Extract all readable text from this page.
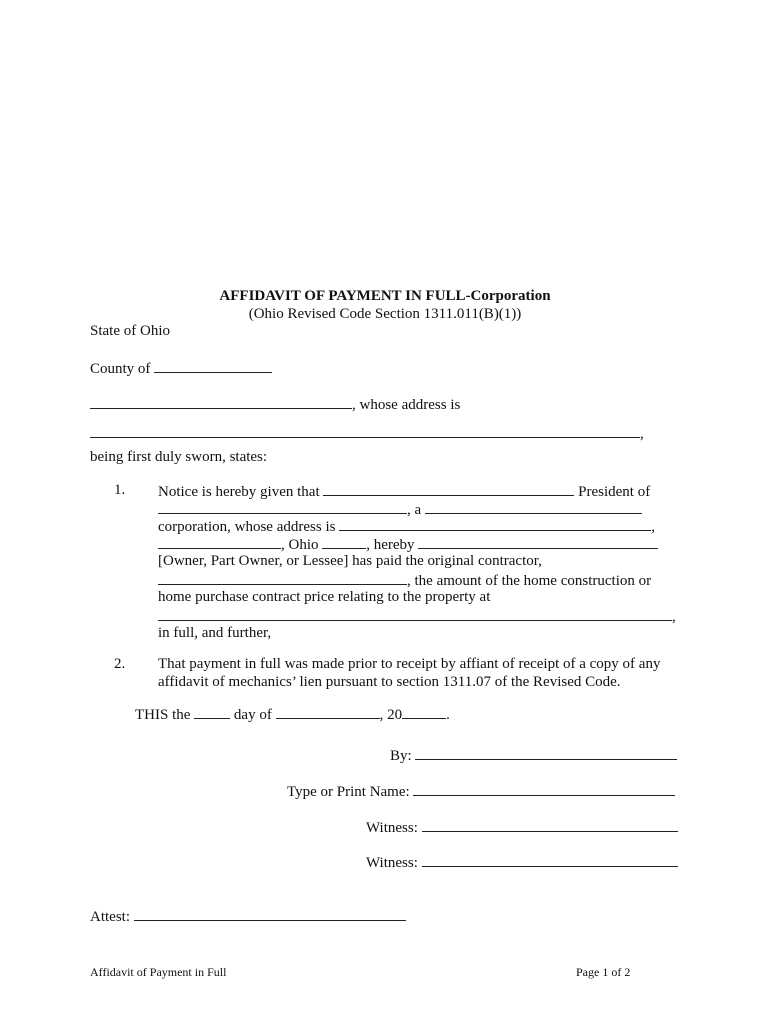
AFFIDAVIT OF PAYMENT IN FULL-Corporation
(Ohio Revised Code Section 1311.011(B)(1))
State of Ohio
County of
, whose address is
,
being first duly sworn, states:
1. Notice is hereby given that	President of
, a
corporation, whose address is	,
, Ohio	, hereby
[Owner, Part Owner, or Lessee] has paid the original contractor,
, the amount of the home construction or
home purchase contract price relating to the property at
,
in full, and further,
2. That payment in full was made prior to receipt by affiant of receipt of a copy of any
affidavit of mechanics’ lien pursuant to section 1311.07 of the Revised Code.
THIS the	day of	, 20	.
By:
Type or Print Name:
Witness:
Witness:
Attest:
Affidavit of Payment in Full	Page 1 of 2
